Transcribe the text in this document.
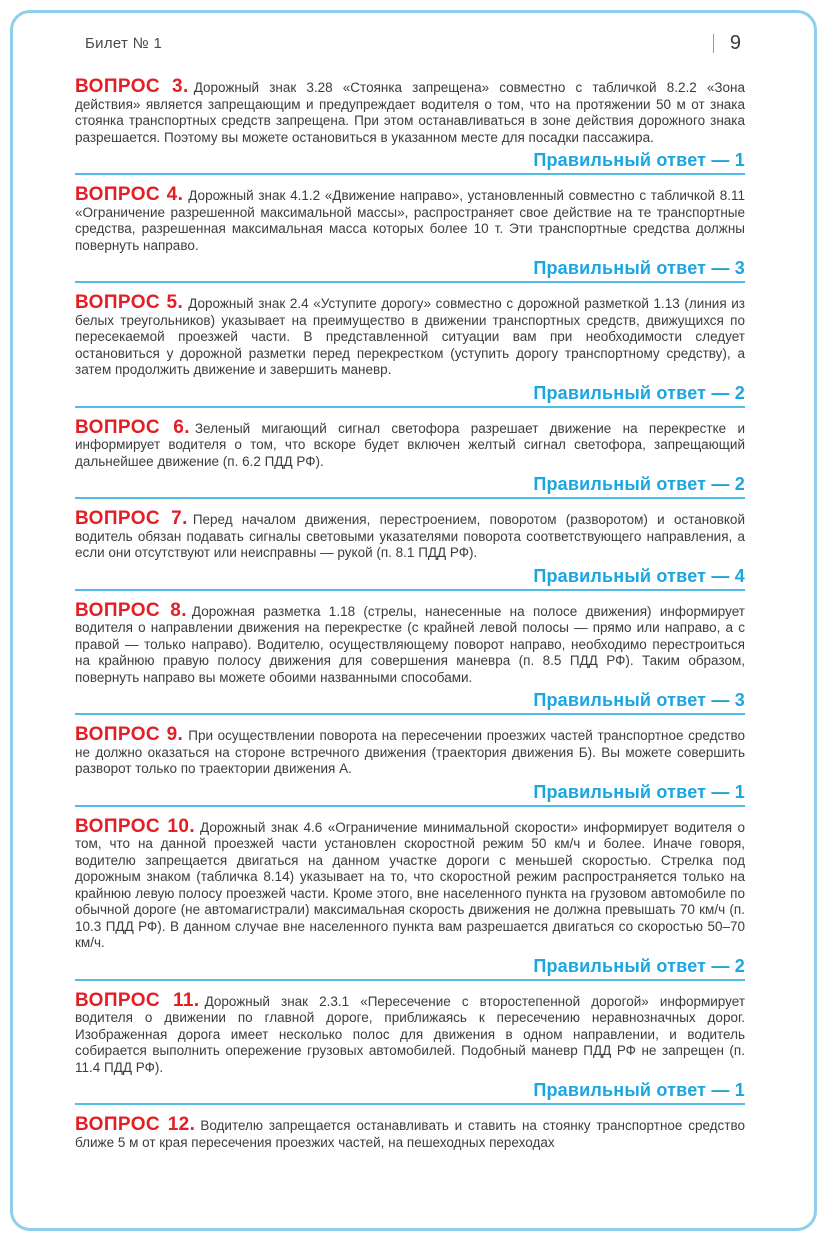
Билет № 1	9

ВОПРОС 3. Дорожный знак 3.28 «Стоянка запрещена» совместно с табличкой 8.2.2 «Зона действия» является запрещающим и предупреждает водителя о том, что на протяжении 50 м от знака стоянка транспортных средств запрещена. При этом останавливаться в зоне действия дорожного знака разрешается. Поэтому вы можете остановиться в указанном месте для посадки пассажира.

Правильный ответ — 1

ВОПРОС 4. Дорожный знак 4.1.2 «Движение направо», установленный совместно с табличкой 8.11 «Ограничение разрешенной максимальной массы», распространяет свое действие на те транспортные средства, разрешенная максимальная масса которых более 10 т. Эти транспортные средства должны повернуть направо.

Правильный ответ — 3

ВОПРОС 5. Дорожный знак 2.4 «Уступите дорогу» совместно с дорожной разметкой 1.13 (линия из белых треугольников) указывает на преимущество в движении транспортных средств, движущихся по пересекаемой проезжей части. В представленной ситуации вам при необходимости следует остановиться у дорожной разметки перед перекрестком (уступить дорогу транспортному средству), а затем продолжить движение и завершить маневр.

Правильный ответ — 2

ВОПРОС 6. Зеленый мигающий сигнал светофора разрешает движение на перекрестке и информирует водителя о том, что вскоре будет включен желтый сигнал светофора, запрещающий дальнейшее движение (п. 6.2 ПДД РФ).

Правильный ответ — 2

ВОПРОС 7. Перед началом движения, перестроением, поворотом (разворотом) и остановкой водитель обязан подавать сигналы световыми указателями поворота соответствующего направления, а если они отсутствуют или неисправны — рукой (п. 8.1 ПДД РФ).

Правильный ответ — 4

ВОПРОС 8. Дорожная разметка 1.18 (стрелы, нанесенные на полосе движения) информирует водителя о направлении движения на перекрестке (с крайней левой полосы — прямо или направо, а с правой — только направо). Водителю, осуществляющему поворот направо, необходимо перестроиться на крайнюю правую полосу движения для совершения маневра (п. 8.5 ПДД РФ). Таким образом, повернуть направо вы можете обоими названными способами.

Правильный ответ — 3

ВОПРОС 9. При осуществлении поворота на пересечении проезжих частей транспортное средство не должно оказаться на стороне встречного движения (траектория движения Б). Вы можете совершить разворот только по траектории движения А.

Правильный ответ — 1

ВОПРОС 10. Дорожный знак 4.6 «Ограничение минимальной скорости» информирует водителя о том, что на данной проезжей части установлен скоростной режим 50 км/ч и более. Иначе говоря, водителю запрещается двигаться на данном участке дороги с меньшей скоростью. Стрелка под дорожным знаком (табличка 8.14) указывает на то, что скоростной режим распространяется только на крайнюю левую полосу проезжей части. Кроме этого, вне населенного пункта на грузовом автомобиле по обычной дороге (не автомагистрали) максимальная скорость движения не должна превышать 70 км/ч (п. 10.3 ПДД РФ). В данном случае вне населенного пункта вам разрешается двигаться со скоростью 50–70 км/ч.

Правильный ответ — 2

ВОПРОС 11. Дорожный знак 2.3.1 «Пересечение с второстепенной дорогой» информирует водителя о движении по главной дороге, приближаясь к пересечению неравнозначных дорог. Изображенная дорога имеет несколько полос для движения в одном направлении, и водитель собирается выполнить опережение грузовых автомобилей. Подобный маневр ПДД РФ не запрещен (п. 11.4 ПДД РФ).

Правильный ответ — 1

ВОПРОС 12. Водителю запрещается останавливать и ставить на стоянку транспортное средство ближе 5 м от края пересечения проезжих частей, на пешеходных переходах
